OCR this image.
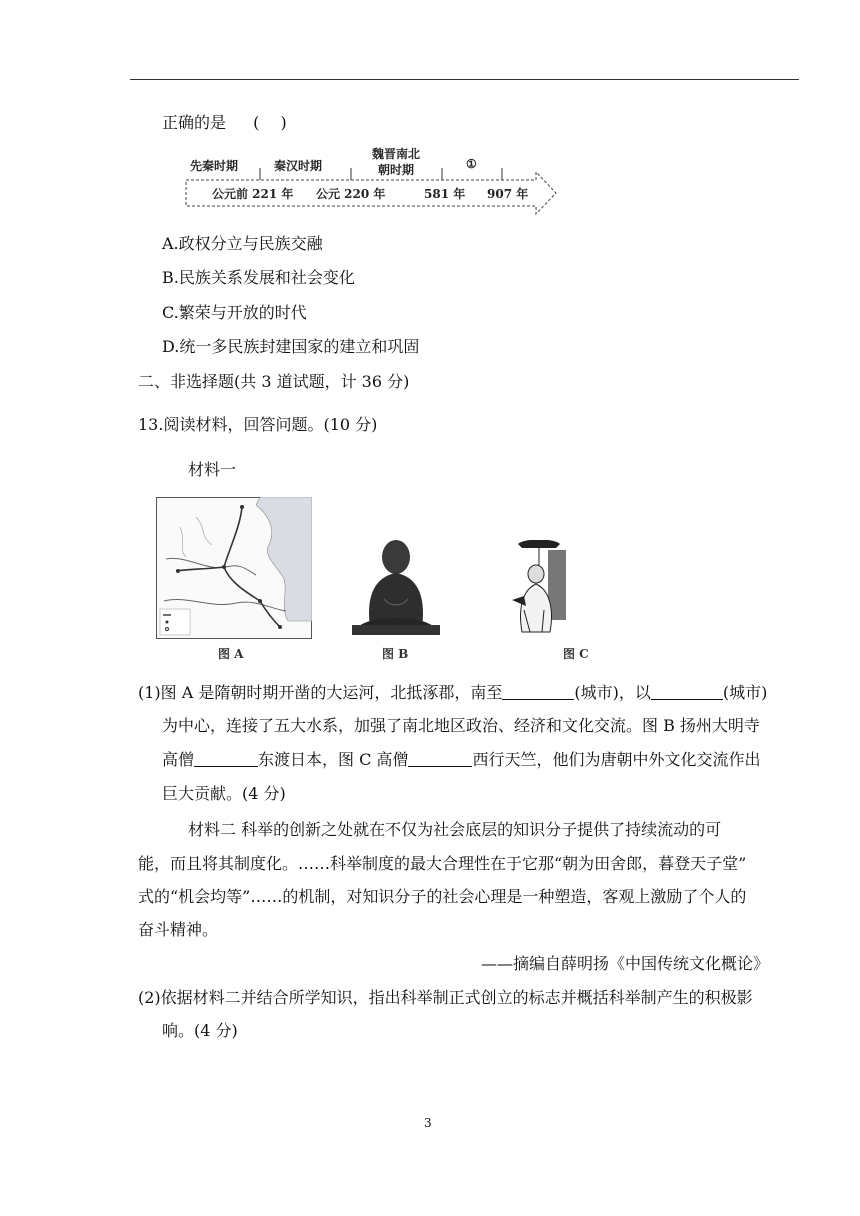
正确的是 (　 )
先秦时期	秦汉时期
魏晋南北
朝时期	①
公元前 221 年 公元 220 年	581 年 907 年
A.政权分立与民族交融
B.民族关系发展和社会变化
C.繁荣与开放的时代
D.统一多民族封建国家的建立和巩固
二、非选择题(共 3 道试题，计 36 分)
13.阅读材料，回答问题。(10 分)
材料一
图 A	图 B	图 C
(1)图 A 是隋朝时期开凿的大运河，北抵涿郡，南至	(城市)，以	(城市)
为中心，连接了五大水系，加强了南北地区政治、经济和文化交流。图 B 扬州大明寺
高僧	东渡日本，图 C 高僧	西行天竺，他们为唐朝中外文化交流作出
巨大贡献。(4 分)
材料二 科举的创新之处就在不仅为社会底层的知识分子提供了持续流动的可
能，而且将其制度化。……科举制度的最大合理性在于它那“朝为田舍郎，暮登天子堂”
式的“机会均等”……的机制，对知识分子的社会心理是一种塑造，客观上激励了个人的
奋斗精神。
——摘编自薛明扬《中国传统文化概论》
(2)依据材料二并结合所学知识，指出科举制正式创立的标志并概括科举制产生的积极影
响。(4 分)
3
